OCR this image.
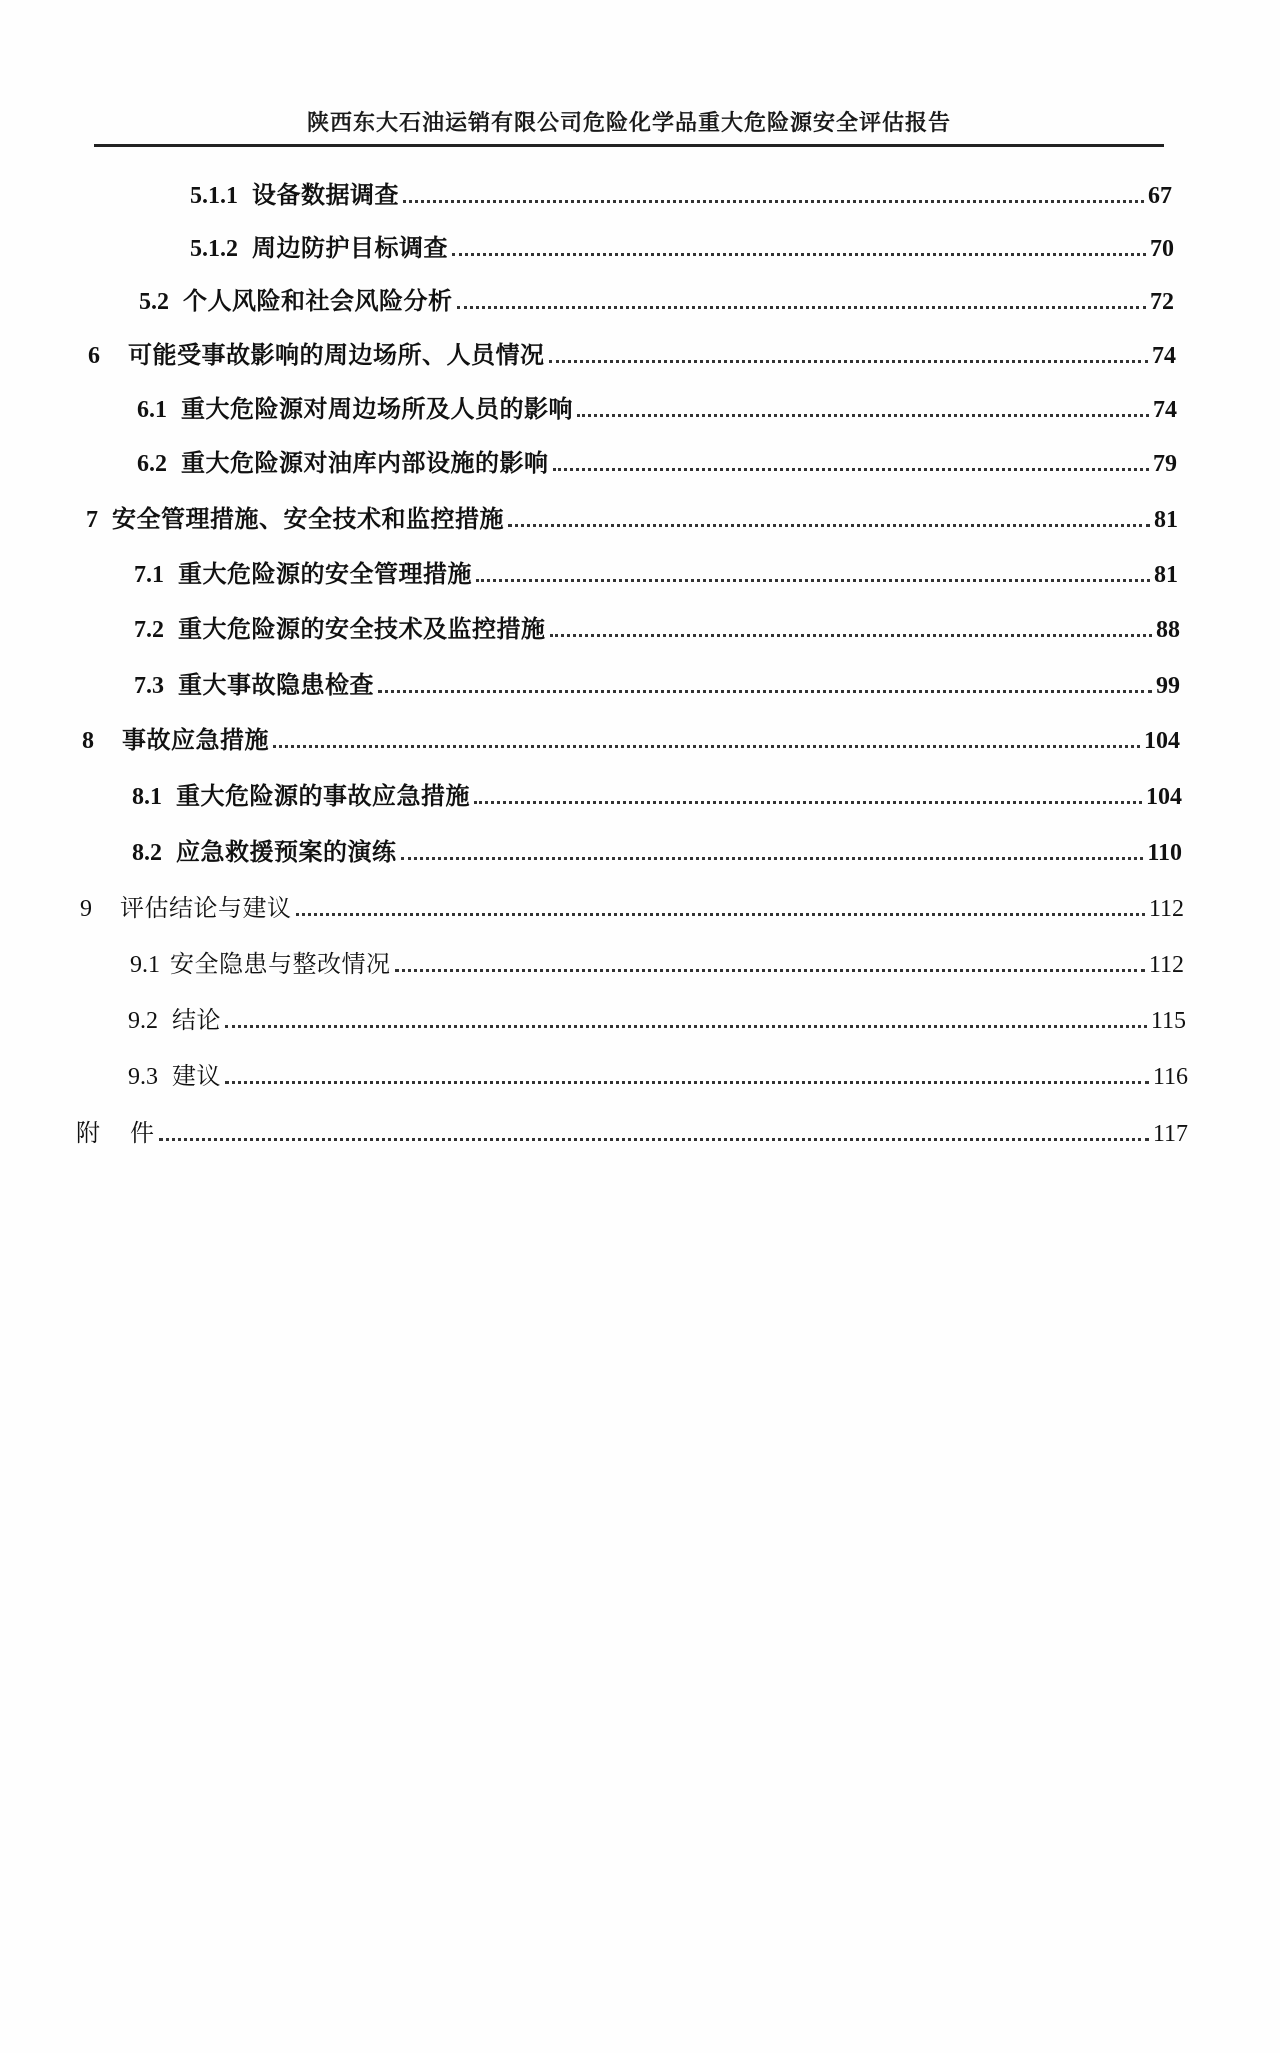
陕西东大石油运销有限公司危险化学品重大危险源安全评估报告
5.1.1 设备数据调查	67
5.1.2 周边防护目标调查	70
5.2 个人风险和社会风险分析	72
6 可能受事故影响的周边场所、人员情况	74
6.1 重大危险源对周边场所及人员的影响	74
6.2 重大危险源对油库内部设施的影响	79
7 安全管理措施、安全技术和监控措施	81
7.1 重大危险源的安全管理措施	81
7.2 重大危险源的安全技术及监控措施	88
7.3 重大事故隐患检查	99
8 事故应急措施	104
8.1 重大危险源的事故应急措施	104
8.2 应急救援预案的演练	110
9 评估结论与建议	112
9.1 安全隐患与整改情况	112
9.2 结论	115
9.3 建议	116
附 件	117
